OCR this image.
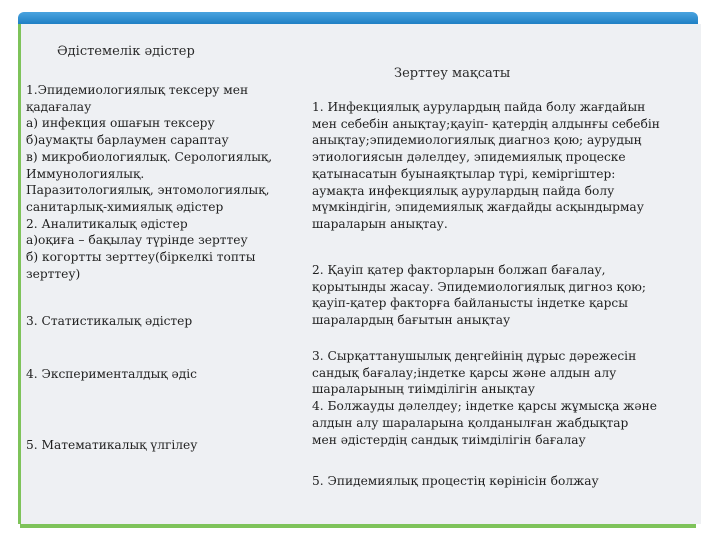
Әдістемелік әдістер
Зерттеу мақсаты
1.Эпидемиологиялық тексеру мен
қадағалау
а) инфекция ошағын тексеру
б)аумақты барлаумен сараптау
в) микробиологиялық. Серологиялық,
Иммунологиялық.
Паразитологиялық, энтомологиялық,
санитарлық-химиялық әдістер
2. Аналитикалық әдістер
а)оқиға – бақылау түрінде зерттеу
б) когортты зерттеу(біркелкі топты
зерттеу)
3. Статистикалық әдістер
4. Эксперименталдық әдіс
5. Математикалық үлгілеу
1. Инфекциялық аурулардың пайда болу жағдайын
мен себебін анықтау;қауіп- қатердің алдынғы себебін
анықтау;эпидемиологиялық диагноз қою; аурудың
этиологиясын дәлелдеу, эпидемиялық процеске
қатынасатын буынаяқтылар түрі, кеміргіштер:
аумақта инфекциялық аурулардың пайда болу
мүмкіндігін, эпидемиялық жағдайды асқындырмау
шараларын анықтау.
2. Қауіп қатер факторларын болжап бағалау,
қорытынды жасау. Эпидемиологиялық дигноз қою;
қауіп-қатер факторға байланысты індетке қарсы
шаралардың бағытын анықтау
3. Сырқаттанушылық деңгейінің дұрыс дәрежесін
сандық бағалау;індетке қарсы және алдын алу
шараларының тиімділігін анықтау
4. Болжауды дәлелдеу; індетке қарсы жұмысқа және
алдын алу шараларына қолданылған жабдықтар
мен әдістердің сандық тиімділігін бағалау
5. Эпидемиялық процестің көрінісін болжау
